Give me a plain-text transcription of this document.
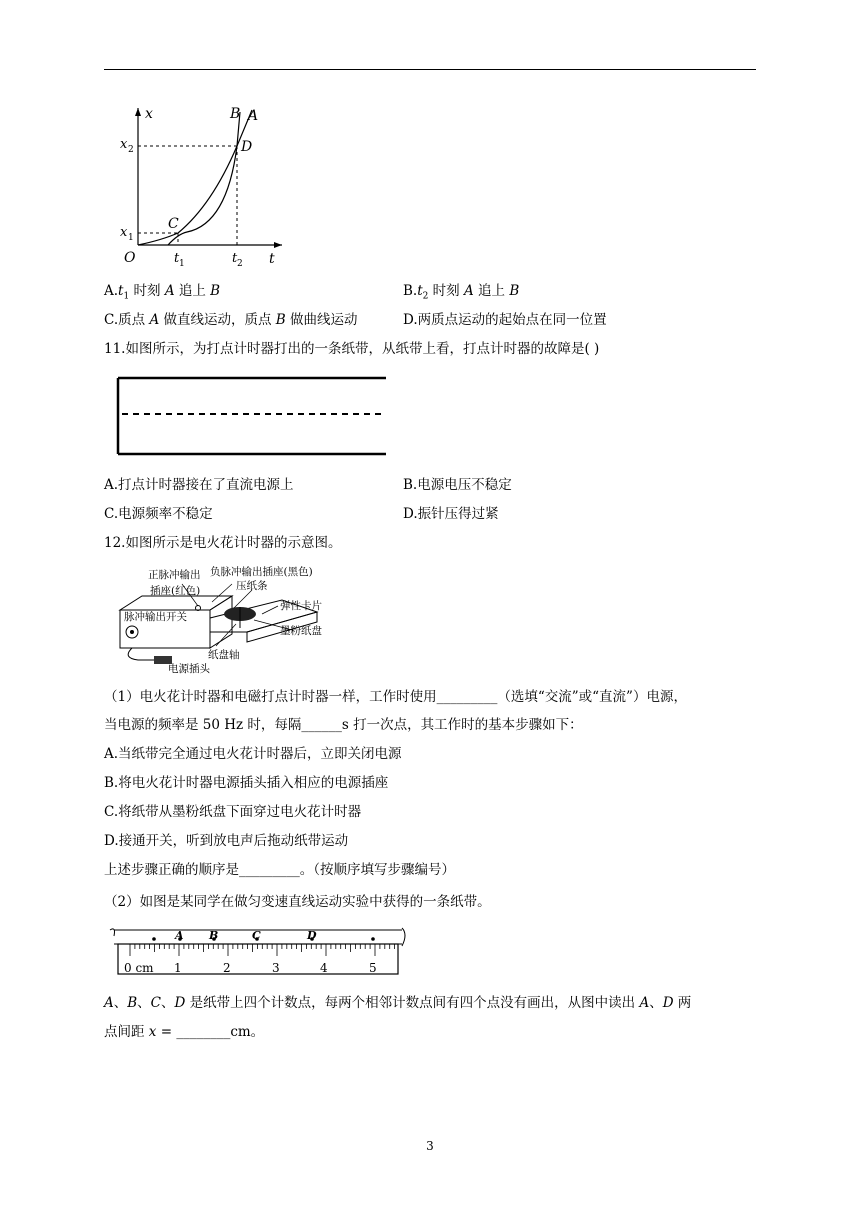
x
t
O
x 2
x 1
t 1	t 2
B A
C
D
$A.t_1$ 时刻 A 追上 B	$B.t_2$ 时刻 A 追上 B
C.质点 A 做直线运动，质点 B 做曲线运动	D.两质点运动的起始点在同一位置
11.如图所示，为打点计时器打出的一条纸带，从纸带上看，打点计时器的故障是( )
A.打点计时器接在了直流电源上	B.电源电压不稳定
C.电源频率不稳定	D.振针压得过紧
12.如图所示是电火花计时器的示意图。
正脉冲输出 负脉冲输出插座(黑色)
插座(红色)	压纸条
脉冲输出开关
弹性卡片
墨粉纸盘
纸盘轴
电源插头
（1）电火花计时器和电磁打点计时器一样，工作时使用_________（选填“交流”或“直流”）电源，
当电源的频率是 50 Hz 时，每隔______s 打一次点，其工作时的基本步骤如下：
A.当纸带完全通过电火花计时器后，立即关闭电源
B.将电火花计时器电源插头插入相应的电源插座
C.将纸带从墨粉纸盘下面穿过电火花计时器
D.接通开关，听到放电声后拖动纸带运动
上述步骤正确的顺序是_________。（按顺序填写步骤编号）
（2）如图是某同学在做匀变速直线运动实验中获得的一条纸带。
A B	C	D
0 cm 1	2	3	4	5
A、B、C、D 是纸带上四个计数点，每两个相邻计数点间有四个点没有画出，从图中读出 A、D 两
点间距 x = ________cm。
3
